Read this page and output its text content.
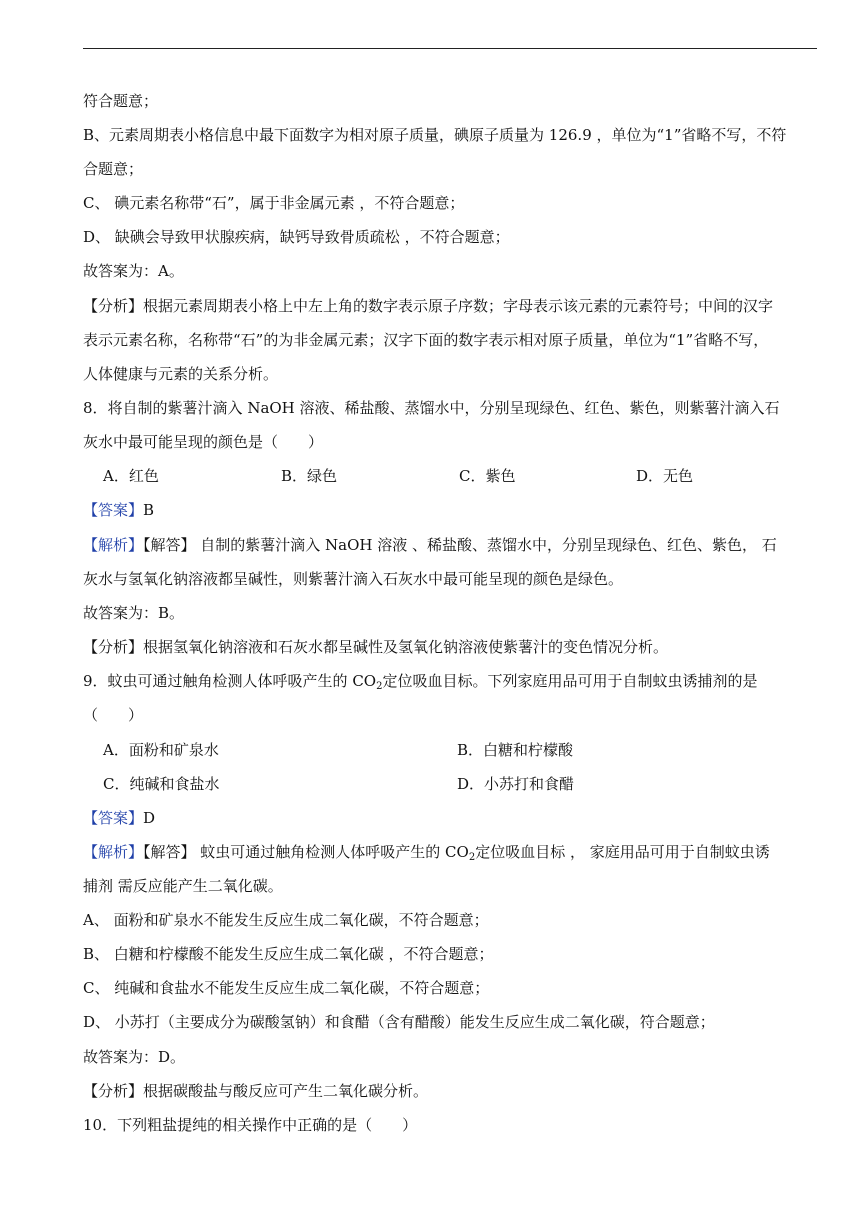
符合题意；
B、元素周期表小格信息中最下面数字为相对原子质量，碘原子质量为 126.9 ，单位为“1”省略不写，不符
合题意；
C、 碘元素名称带“石”，属于非金属元素 ，不符合题意；
D、 缺碘会导致甲状腺疾病，缺钙导致骨质疏松 ，不符合题意；
故答案为：A。
【分析】根据元素周期表小格上中左上角的数字表示原子序数；字母表示该元素的元素符号；中间的汉字
表示元素名称，名称带“石”的为非金属元素；汉字下面的数字表示相对原子质量，单位为“1”省略不写，
人体健康与元素的关系分析。
8．将自制的紫薯汁滴入 NaOH 溶液、稀盐酸、蒸馏水中，分别呈现绿色、红色、紫色，则紫薯汁滴入石
灰水中最可能呈现的颜色是（　　）
A．红色	B．绿色	C．紫色	D．无色
【答案】B
【解析】【解答】 自制的紫薯汁滴入 NaOH 溶液 、稀盐酸、蒸馏水中，分别呈现绿色、红色、紫色， 石
灰水与氢氧化钠溶液都呈碱性，则紫薯汁滴入石灰水中最可能呈现的颜色是绿色。
故答案为：B。
【分析】根据氢氧化钠溶液和石灰水都呈碱性及氢氧化钠溶液使紫薯汁的变色情况分析。
9．蚊虫可通过触角检测人体呼吸产生的 $CO_2$定位吸血目标。下列家庭用品可用于自制蚊虫诱捕剂的是
（　　）
A．面粉和矿泉水	B．白糖和柠檬酸
C．纯碱和食盐水	D．小苏打和食醋
【答案】D
【解析】【解答】 蚊虫可通过触角检测人体呼吸产生的 $CO_2$定位吸血目标 ， 家庭用品可用于自制蚊虫诱
捕剂 需反应能产生二氧化碳。
A、 面粉和矿泉水不能发生反应生成二氧化碳，不符合题意；
B、 白糖和柠檬酸不能发生反应生成二氧化碳 ，不符合题意；
C、 纯碱和食盐水不能发生反应生成二氧化碳，不符合题意；
D、 小苏打（主要成分为碳酸氢钠）和食醋（含有醋酸）能发生反应生成二氧化碳，符合题意；
故答案为：D。
【分析】根据碳酸盐与酸反应可产生二氧化碳分析。
10．下列粗盐提纯的相关操作中正确的是（　　）
